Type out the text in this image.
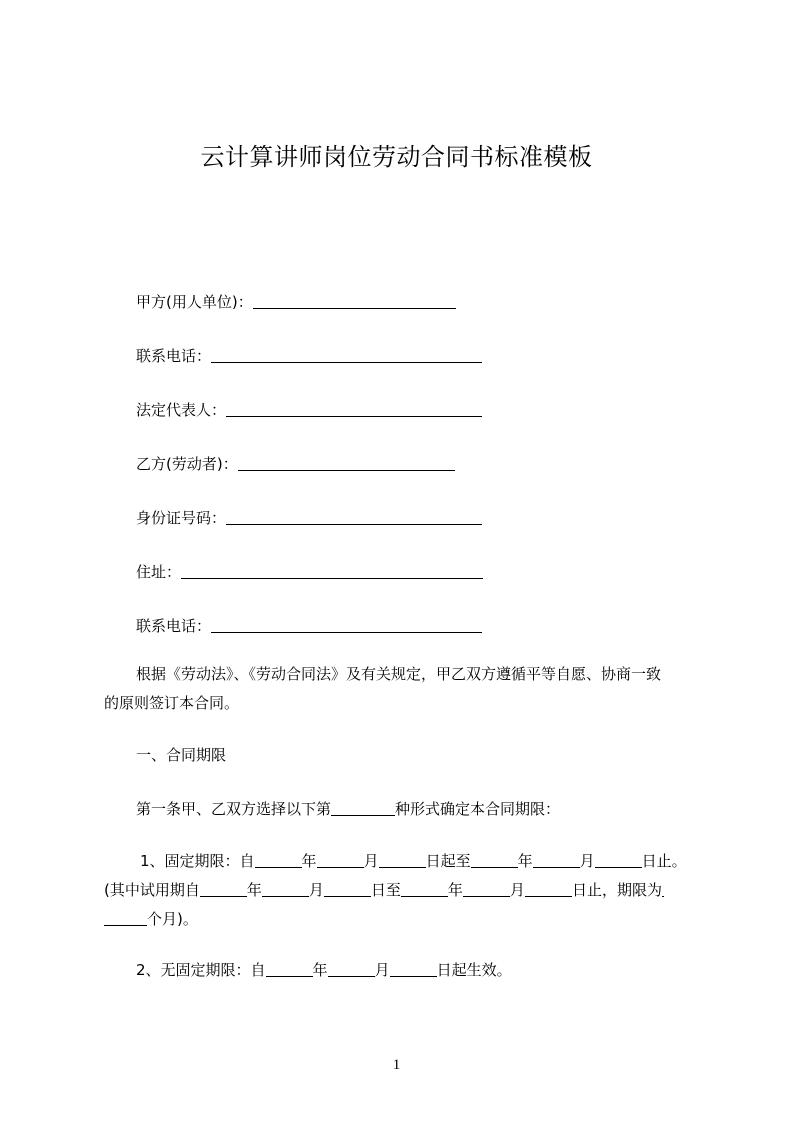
云计算讲师岗位劳动合同书标准模板
甲方(用人单位)：
联系电话：
法定代表人：
乙方(劳动者)：
身份证号码：
住址：
联系电话：
根据《劳动法》、《劳动合同法》及有关规定，甲乙双方遵循平等自愿、协商一致
的原则签订本合同。
一、合同期限
第一条甲、乙双方选择以下第	种形式确定本合同期限：
1、固定期限：自	年	月	日起至	年	月	日止。
(其中试用期自	年	月	日至	年	月	日止，期限为
个月)。
2、无固定期限：自	年	月	日起生效。
1
